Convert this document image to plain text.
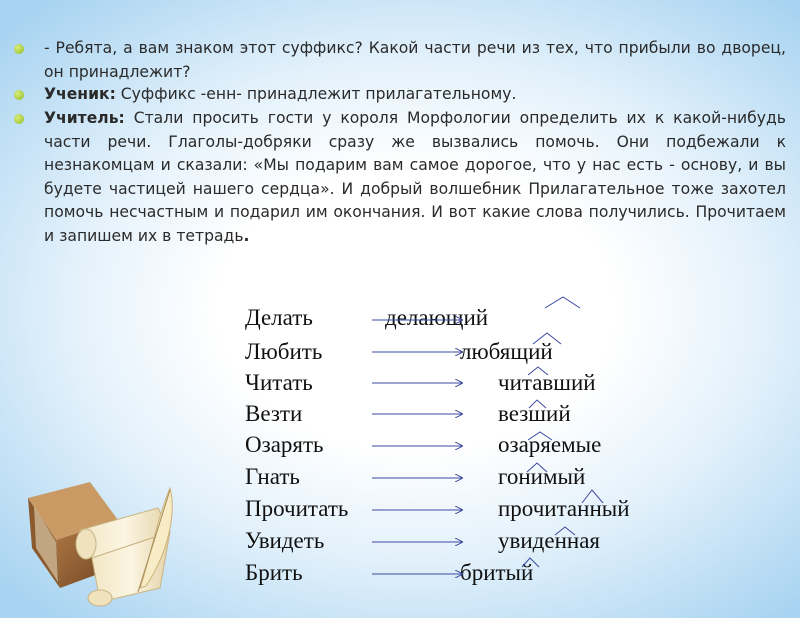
- Ребята, а вам знаком этот суффикс? Какой части речи из тех, что прибыли во дворец, он принадлежит?
Ученик: Суффикс -енн- принадлежит прилагательному.
Учитель: Стали просить гости у короля Морфологии определить их к какой-нибудь части речи. Глаголы-добряки сразу же вызвались помочь. Они подбежали к незнакомцам и сказали: «Мы подарим вам самое дорогое, что у нас есть - основу, и вы будете частицей нашего сердца». И добрый волшебник Прилагательное тоже захотел помочь несчастным и подарил им окончания. И вот какие слова получились. Прочитаем и запишем их в тетрадь.
Делать	делающий
Любить	любящий
Читать	читавший
Везти	везший
Озарять	озаряемые
Гнать	гонимый
Прочитать	прочитанный
Увидеть	увиденная
Брить	бритый
